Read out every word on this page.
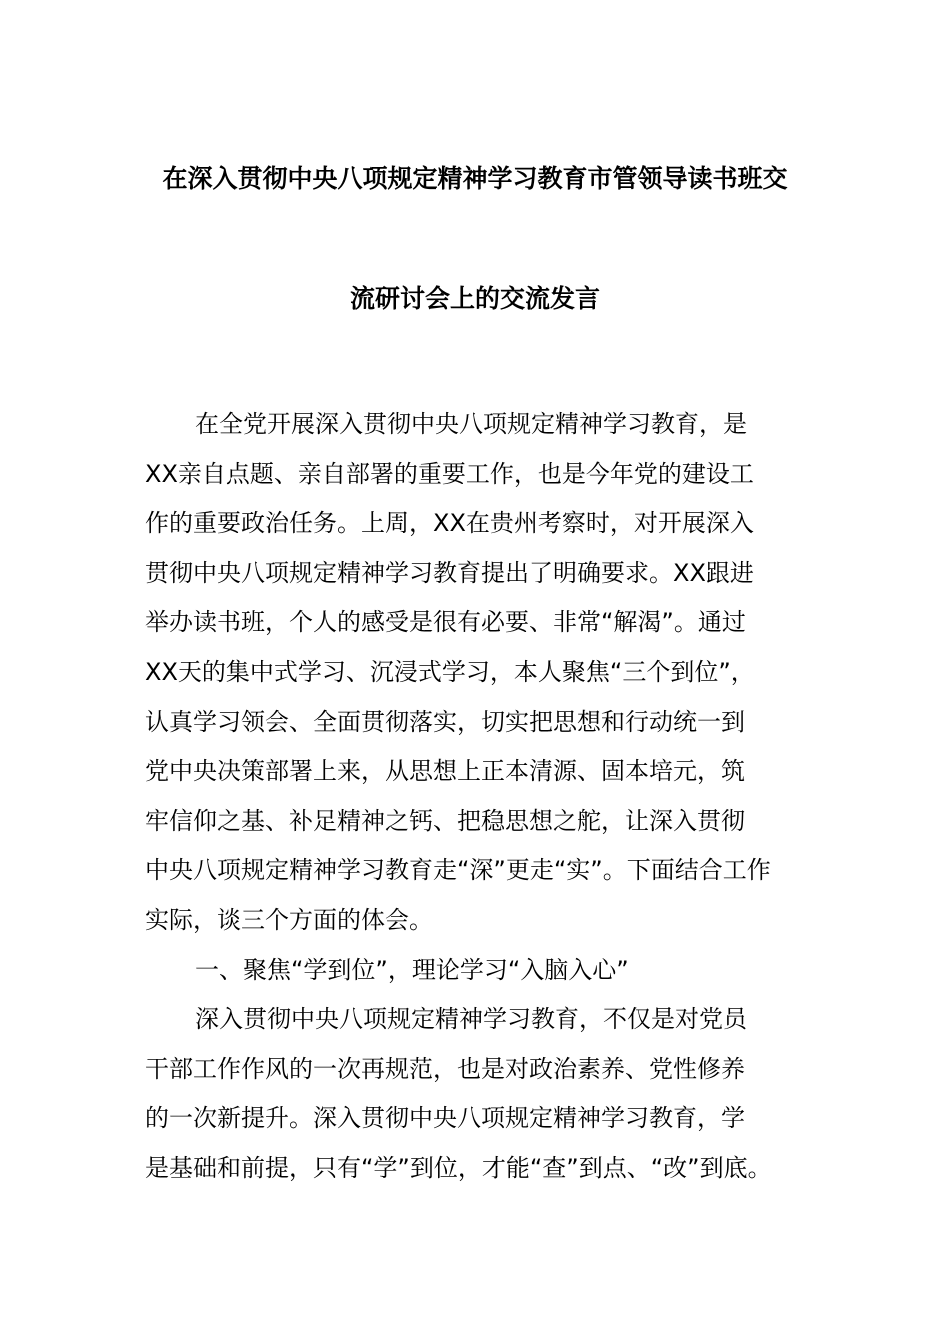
在深入贯彻中央八项规定精神学习教育市管领导读书班交
流研讨会上的交流发言
在全党开展深入贯彻中央八项规定精神学习教育，是
XX亲自点题、亲自部署的重要工作，也是今年党的建设工
作的重要政治任务。上周，XX在贵州考察时，对开展深入
贯彻中央八项规定精神学习教育提出了明确要求。XX跟进
举办读书班，个人的感受是很有必要、非常“解渴”。通过
XX天的集中式学习、沉浸式学习，本人聚焦“三个到位”，
认真学习领会、全面贯彻落实，切实把思想和行动统一到
党中央决策部署上来，从思想上正本清源、固本培元，筑
牢信仰之基、补足精神之钙、把稳思想之舵，让深入贯彻
中央八项规定精神学习教育走“深”更走“实”。下面结合工作
实际，谈三个方面的体会。
一、聚焦“学到位”，理论学习“入脑入心”
深入贯彻中央八项规定精神学习教育，不仅是对党员
干部工作作风的一次再规范，也是对政治素养、党性修养
的一次新提升。深入贯彻中央八项规定精神学习教育，学
是基础和前提，只有“学”到位，才能“查”到点、“改”到底。
